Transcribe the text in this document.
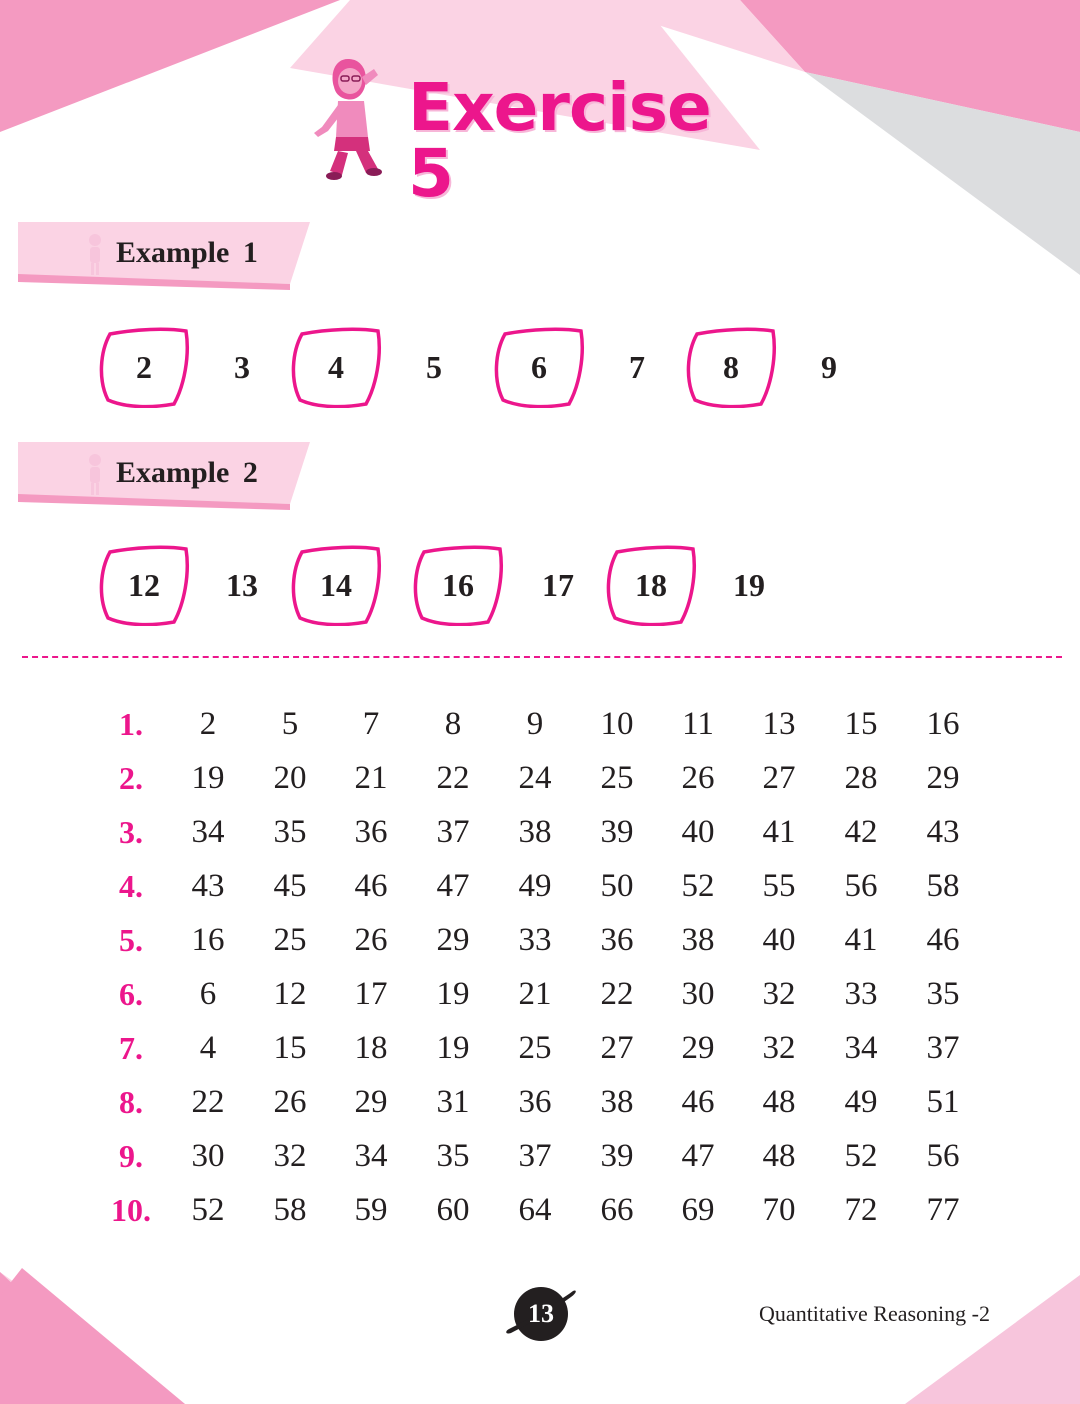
Exercise 5
Example 1
2	3 4	5	6	7 8	9
Example 2
12 13 14	16 17 18 19
1.	2	5	7	8	9	10	11	13	15	16
2.	19	20	21	22	24	25	26	27	28	29
3.	34	35	36	37	38	39	40	41	42	43
4.	43	45	46	47	49	50	52	55	56	58
5.	16	25	26	29	33	36	38	40	41	46
6.	6	12	17	19	21	22	30	32	33	35
7.	4	15	18	19	25	27	29	32	34	37
8.	22	26	29	31	36	38	46	48	49	51
9.	30	32	34	35	37	39	47	48	52	56
10.	52	58	59	60	64	66	69	70	72	77
13	Quantitative Reasoning -2
